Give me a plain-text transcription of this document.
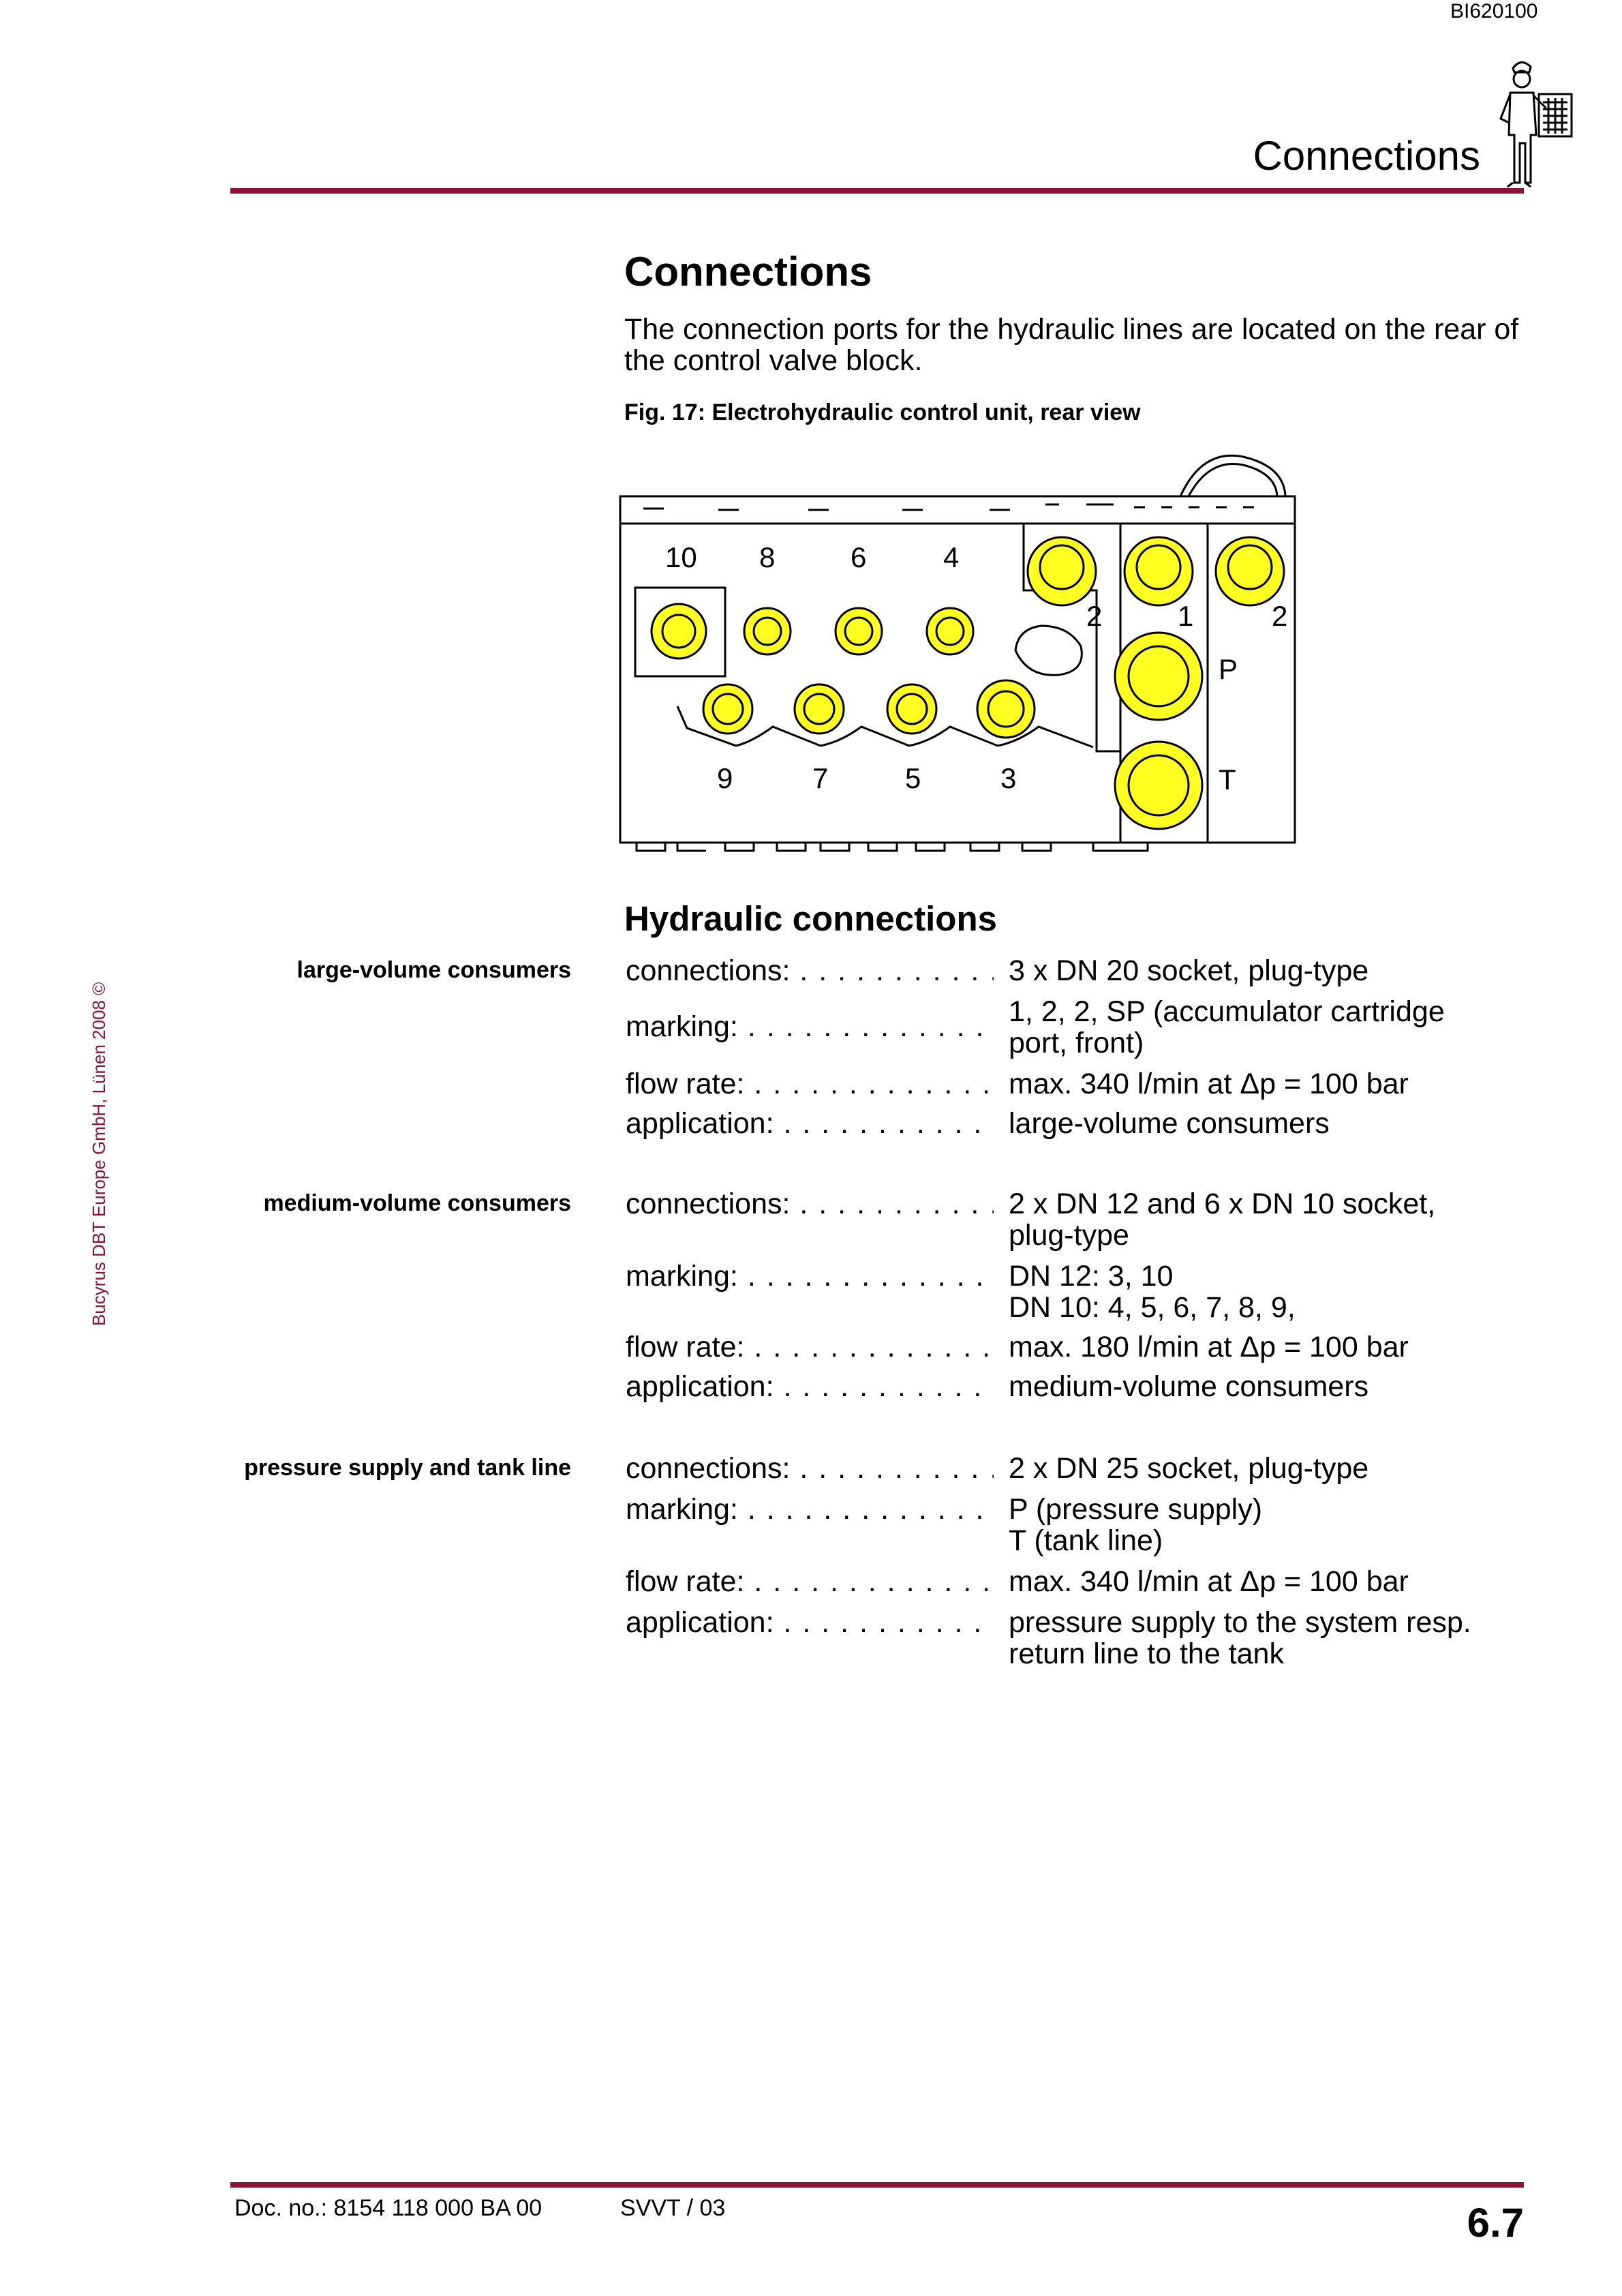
BI620100
Connections
Bucyrus DBT Europe GmbH, Lünen 2008 ©
Connections
The connection ports for the hydraulic lines are located on the rear of the control valve block.
Fig. 17: Electrohydraulic control unit, rear view
10 8	6	4
9	7	5	3
2	1	2
P
T
Hydraulic connections
large-volume consumers connections: . . .	3 x DN 20 socket, plug-type
marking: . . .	1, 2, 2, SP (accumulator cartridge
port, front)
flow rate: . . .	max. 340 l/min at Δp = 100 bar
application: . . .	large-volume consumers
medium-volume consumers connections: . . .	2 x DN 12 and 6 x DN 10 socket,
plug-type
marking: . . .	DN 12: 3, 10
DN 10: 4, 5, 6, 7, 8, 9,
flow rate: . . .	max. 180 l/min at Δp = 100 bar
application: . . .	medium-volume consumers
pressure supply and tank line connections: . . .	2 x DN 25 socket, plug-type
marking: . . .	P (pressure supply)
T (tank line)
flow rate: . . .	max. 340 l/min at Δp = 100 bar
application: . . .	pressure supply to the system resp.
return line to the tank
Doc. no.: 8154 118 000 BA 00	SVVT / 03	6.7
